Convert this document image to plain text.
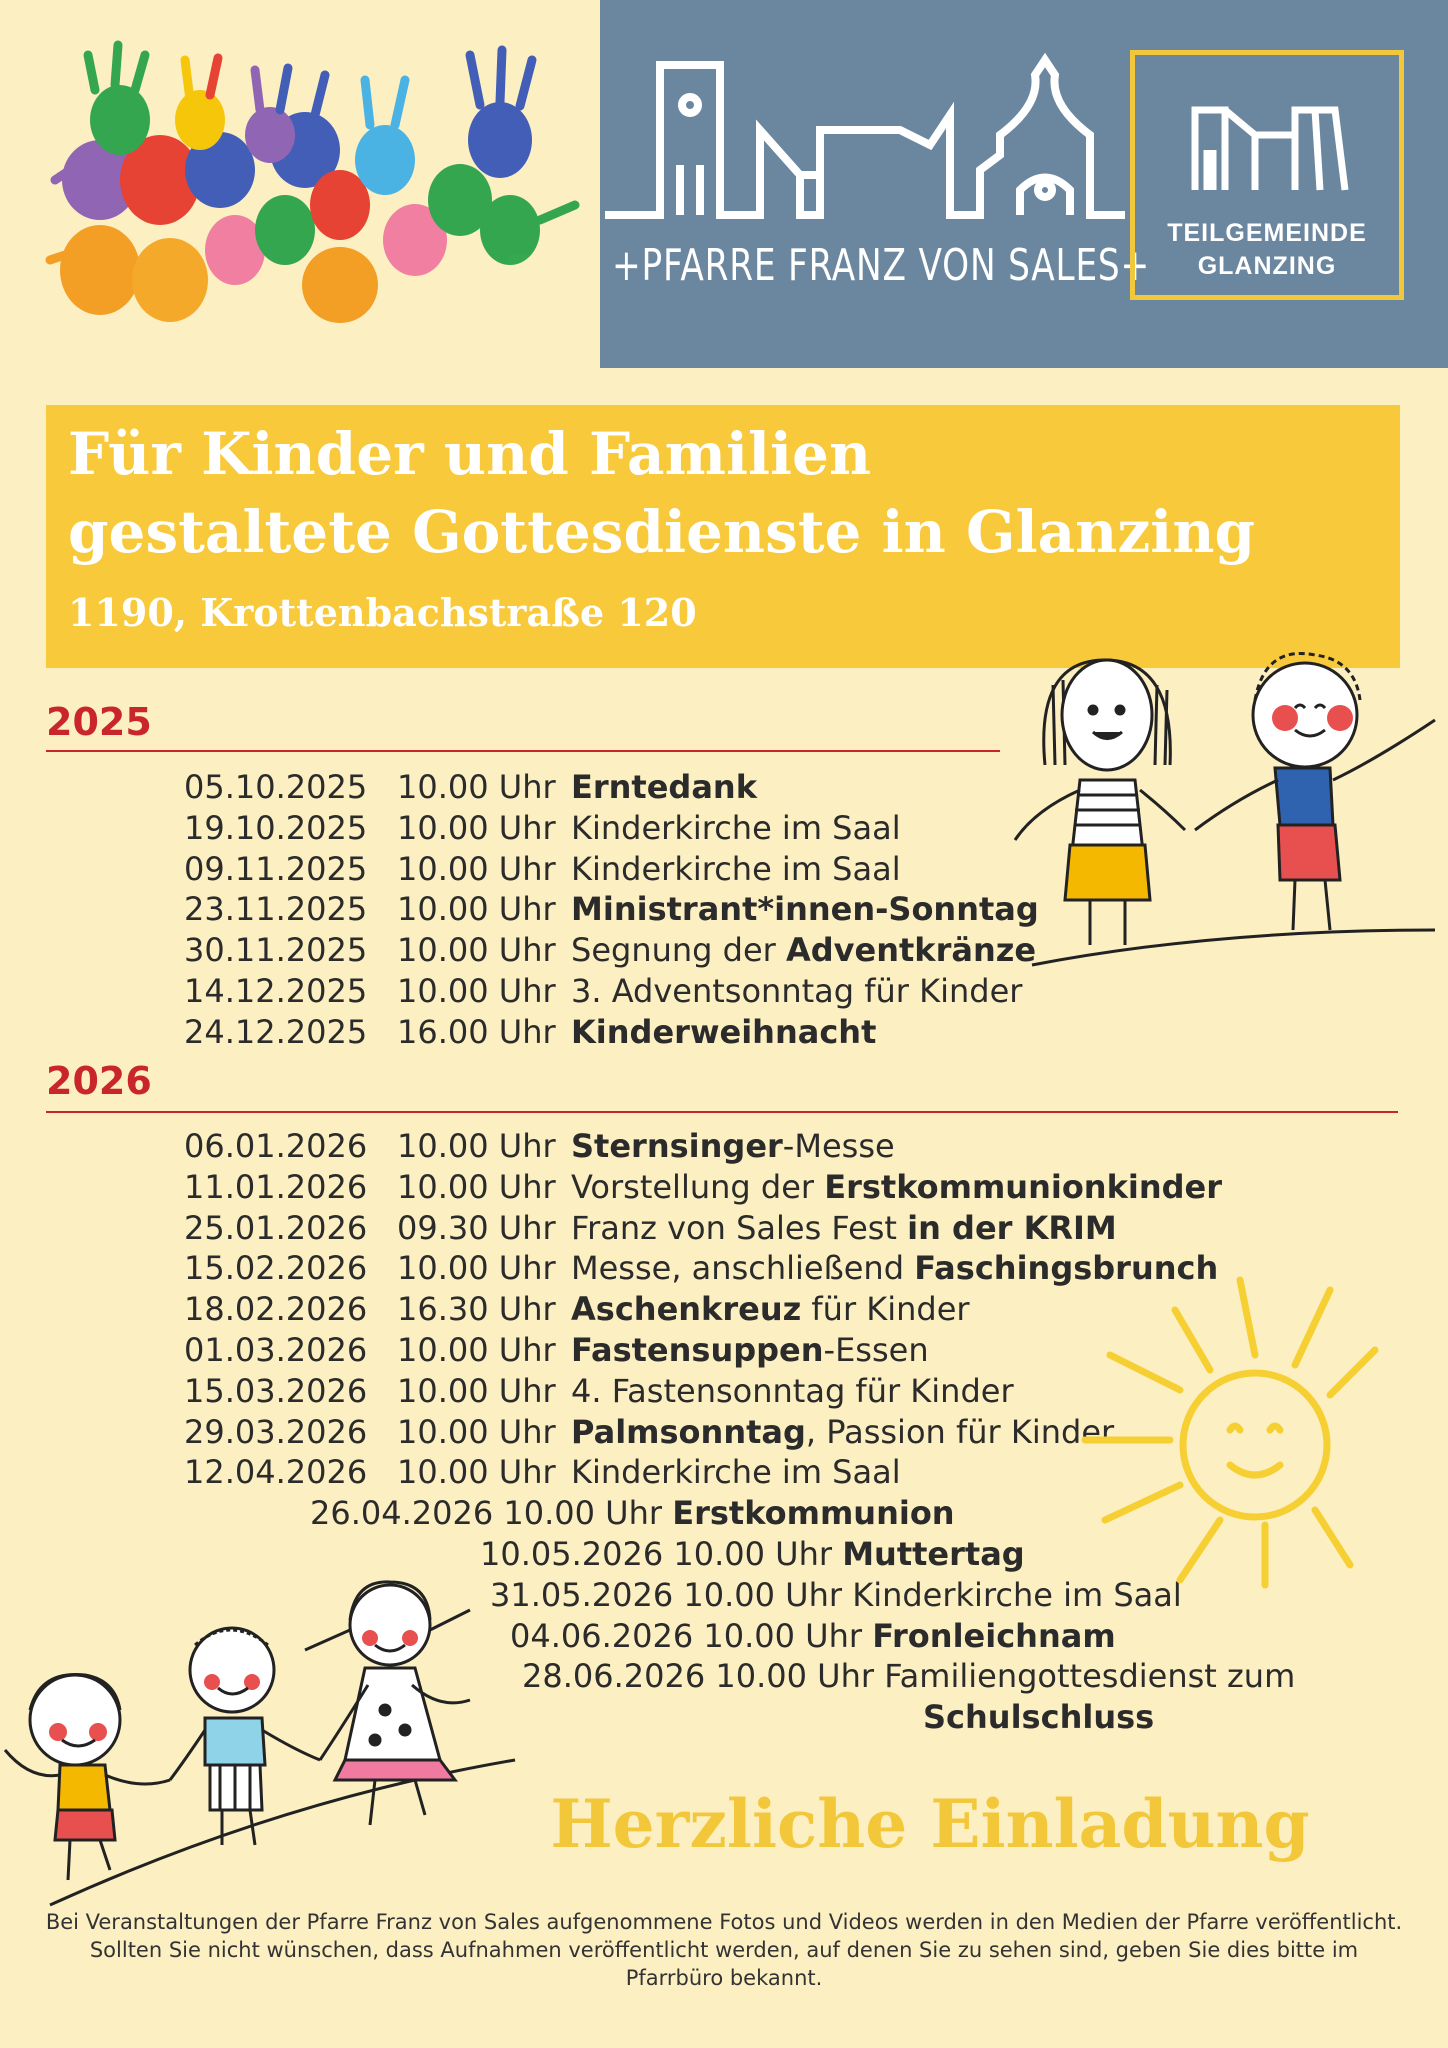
+PFARRE FRANZ VON SALES+
TEILGEMEINDE
GLANZING
Für Kinder und Familien
gestaltete Gottesdienste in Glanzing
1190, Krottenbachstraße 120
2025
05.10.2025 10.00 Uhr Erntedank
19.10.2025 10.00 Uhr Kinderkirche im Saal
09.11.2025 10.00 Uhr Kinderkirche im Saal
23.11.2025 10.00 Uhr Ministrant*innen-Sonntag
30.11.2025 10.00 Uhr Segnung der Adventkränze
14.12.2025 10.00 Uhr 3. Adventsonntag für Kinder
24.12.2025 16.00 Uhr Kinderweihnacht
2026
06.01.2026 10.00 Uhr Sternsinger-Messe
11.01.2026 10.00 Uhr Vorstellung der Erstkommunionkinder
25.01.2026 09.30 Uhr Franz von Sales Fest in der KRIM
15.02.2026 10.00 Uhr Messe, anschließend Faschingsbrunch
18.02.2026 16.30 Uhr Aschenkreuz für Kinder
01.03.2026 10.00 Uhr Fastensuppen-Essen
15.03.2026 10.00 Uhr 4. Fastensonntag für Kinder
29.03.2026 10.00 Uhr Palmsonntag, Passion für Kinder
12.04.2026 10.00 Uhr Kinderkirche im Saal
26.04.2026 10.00 Uhr Erstkommunion
10.05.2026 10.00 Uhr Muttertag
31.05.2026 10.00 Uhr Kinderkirche im Saal
04.06.2026 10.00 Uhr Fronleichnam
28.06.2026 10.00 Uhr Familiengottesdienst zum
Schulschluss
Herzliche Einladung
Bei Veranstaltungen der Pfarre Franz von Sales aufgenommene Fotos und Videos werden in den Medien der Pfarre veröffentlicht. Sollten Sie nicht wünschen, dass Aufnahmen veröffentlicht werden, auf denen Sie zu sehen sind, geben Sie dies bitte im Pfarrbüro bekannt.
